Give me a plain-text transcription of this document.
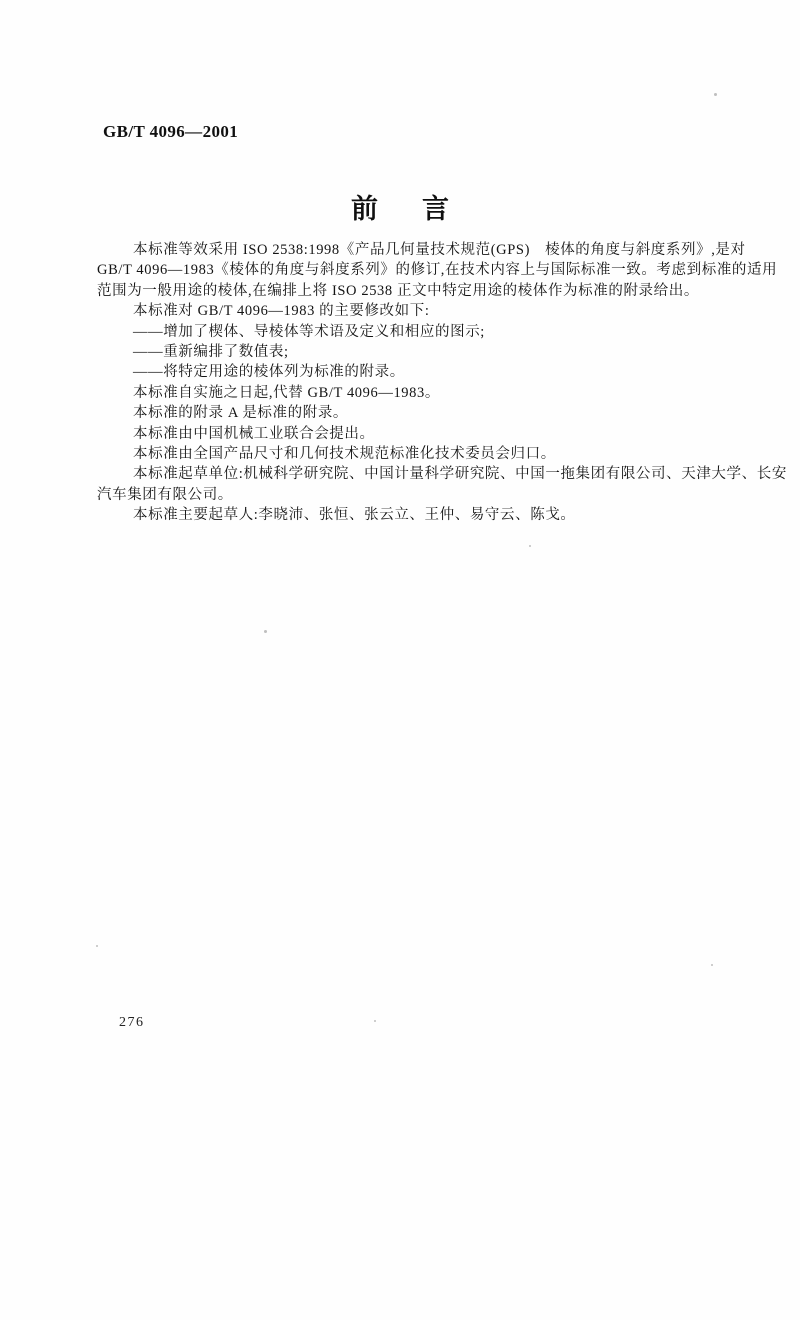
GB/T 4096—2001
前 言
本标准等效采用 ISO 2538:1998《产品几何量技术规范(GPS)　棱体的角度与斜度系列》,是对
GB/T 4096—1983《棱体的角度与斜度系列》的修订,在技术内容上与国际标准一致。考虑到标准的适用
范围为一般用途的棱体,在编排上将 ISO 2538 正文中特定用途的棱体作为标准的附录给出。
本标准对 GB/T 4096—1983 的主要修改如下:
——增加了楔体、导棱体等术语及定义和相应的图示;
——重新编排了数值表;
——将特定用途的棱体列为标准的附录。
本标准自实施之日起,代替 GB/T 4096—1983。
本标准的附录 A 是标准的附录。
本标准由中国机械工业联合会提出。
本标准由全国产品尺寸和几何技术规范标准化技术委员会归口。
本标准起草单位:机械科学研究院、中国计量科学研究院、中国一拖集团有限公司、天津大学、长安
汽车集团有限公司。
本标准主要起草人:李晓沛、张恒、张云立、王仲、易守云、陈戈。
276
